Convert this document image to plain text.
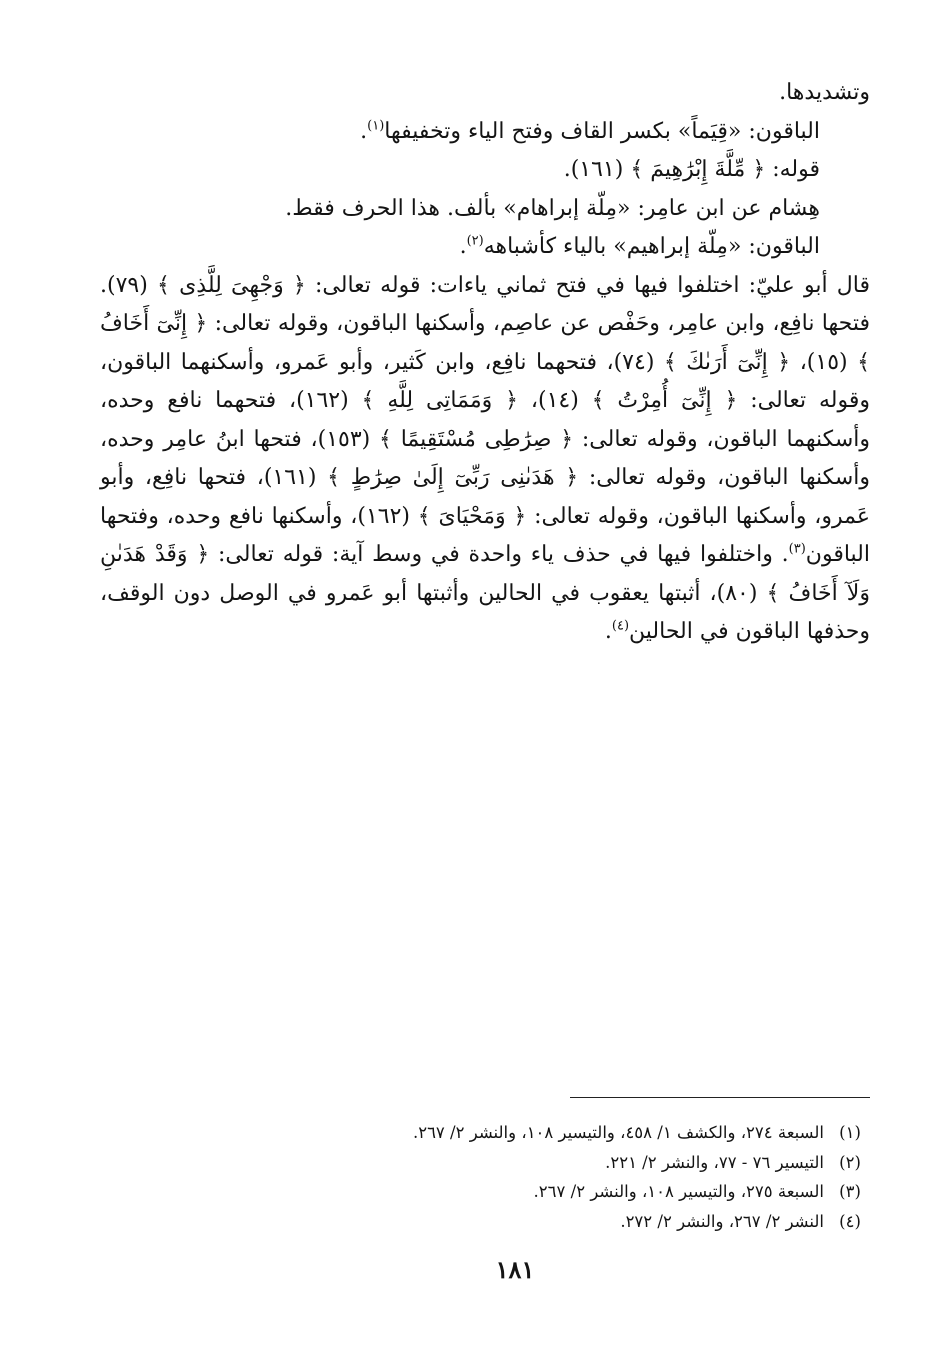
وتشديدها.

الباقون: «قِيَماً» بكسر القاف وفتح الياء وتخفيفها$^{(١)}$.

قوله: ﴿ مِّلَّةَ إِبْرَٰهِيمَ ﴾ (١٦١).

هِشام عن ابن عامِر: «مِلّة إبراهام» بألف. هذا الحرف فقط.

الباقون: «مِلّة إبراهيم» بالياء كأشباهه$^{(٢)}$.

قال أبو عليّ: اختلفوا فيها في فتح ثماني ياءات: قوله تعالى: ﴿ وَجْهِىَ لِلَّذِى ﴾ (٧٩). فتحها نافِع، وابن عامِر، وحَفْص عن عاصِم، وأسكنها الباقون، وقوله تعالى: ﴿ إِنِّىٓ أَخَافُ ﴾ (١٥)، ﴿ إِنِّىٓ أَرَىٰكَ ﴾ (٧٤)، فتحهما نافِع، وابن كَثير، وأبو عَمرو، وأسكنهما الباقون، وقوله تعالى: ﴿ إِنِّىٓ أُمِرْتُ ﴾ (١٤)، ﴿ وَمَمَاتِى لِلَّهِ ﴾ (١٦٢)، فتحهما نافع وحده، وأسكنهما الباقون، وقوله تعالى: ﴿ صِرَٰطِى مُسْتَقِيمًا ﴾ (١٥٣)، فتحها ابنُ عامِر وحده، وأسكنها الباقون، وقوله تعالى: ﴿ هَدَىٰنِى رَبِّىٓ إِلَىٰ صِرَٰطٍ ﴾ (١٦١)، فتحها نافِع، وأبو عَمرو، وأسكنها الباقون، وقوله تعالى: ﴿ وَمَحْيَاىَ ﴾ (١٦٢)، وأسكنها نافع وحده، وفتحها الباقون$^{(٣)}$. واختلفوا فيها في حذف ياء واحدة في وسط آية: قوله تعالى: ﴿ وَقَدْ هَدَىٰنِ وَلَآ أَخَافُ ﴾ (٨٠)، أثبتها يعقوب في الحالين وأثبتها أبو عَمرو في الوصل دون الوقف، وحذفها الباقون في الحالين$^{(٤)}$.

(١)
السبعة ٢٧٤، والكشف ١/ ٤٥٨، والتيسير ١٠٨، والنشر ٢/ ٢٦٧.
(٢)
التيسير ٧٦ - ٧٧، والنشر ٢/ ٢٢١.
(٣)
السبعة ٢٧٥، والتيسير ١٠٨، والنشر ٢/ ٢٦٧.
(٤)
النشر ٢/ ٢٦٧، والنشر ٢/ ٢٧٢.
١٨١
